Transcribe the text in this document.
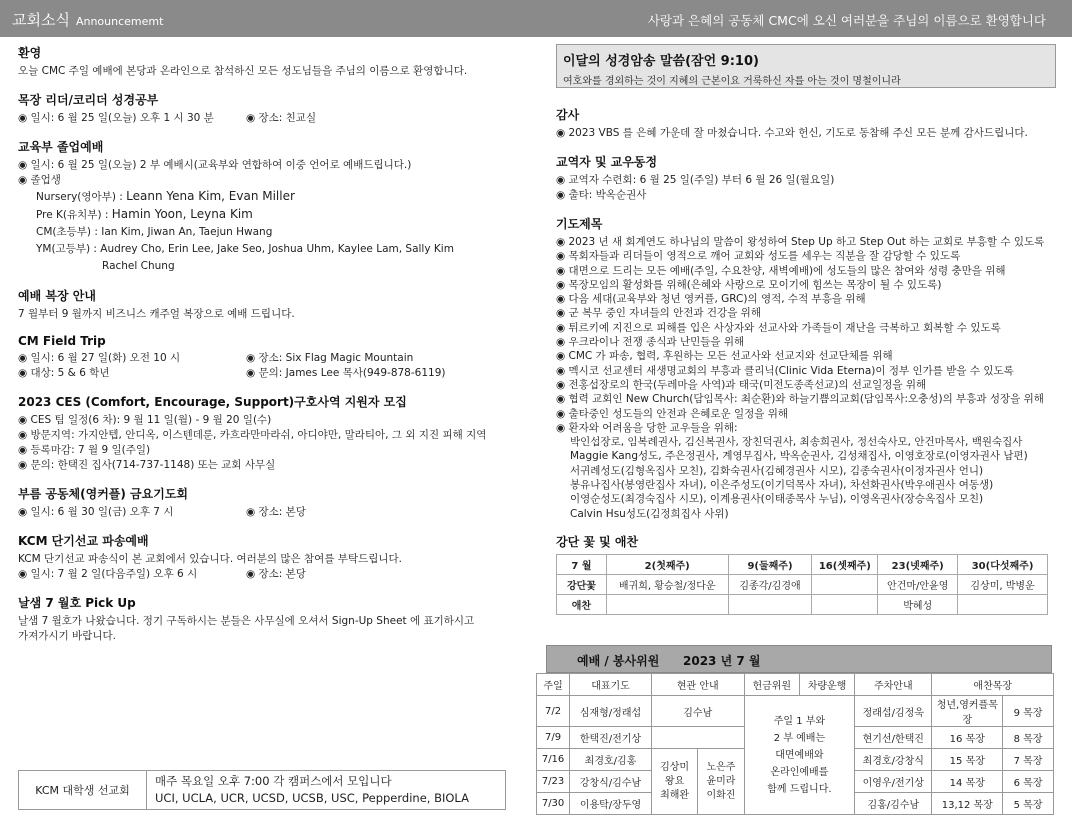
교회소식 Announcememt	사랑과 은혜의 공동체 CMC에 오신 여러분을 주님의 이름으로 환영합니다
환영
오늘 CMC 주일 예배에 본당과 온라인으로 참석하신 모든 성도님들을 주님의 이름으로 환영합니다.
목장 리더/코리더 성경공부
◉ 일시: 6 월 25 일(오늘) 오후 1 시 30 분	◉ 장소: 친교실
교육부 졸업예배
◉ 일시: 6 월 25 일(오늘) 2 부 예배시(교육부와 연합하여 이중 언어로 예배드립니다.)
◉ 졸업생
Nursery(영아부) : Leann Yena Kim, Evan Miller
Pre K(유치부) : Hamin Yoon, Leyna Kim
CM(초등부) : Ian Kim, Jiwan An, Taejun Hwang
YM(고등부) : Audrey Cho, Erin Lee, Jake Seo, Joshua Uhm, Kaylee Lam, Sally Kim
Rachel Chung
예배 복장 안내
7 월부터 9 월까지 비즈니스 캐주얼 복장으로 예배 드립니다.
CM Field Trip
◉ 일시: 6 월 27 일(화) 오전 10 시	◉ 장소: Six Flag Magic Mountain
◉ 대상: 5 & 6 학년	◉ 문의: James Lee 목사(949-878-6119)
2023 CES (Comfort, Encourage, Support)구호사역 지원자 모집
◉ CES 팀 일정(6 차): 9 월 11 일(월) - 9 월 20 일(수)
◉ 방문지역: 가지안텝, 안디옥, 이스텐데룬, 카흐라만마라쉬, 아디야만, 말라티아, 그 외 지진 피해 지역
◉ 등록마감: 7 월 9 일(주일)
◉ 문의: 한택진 집사(714-737-1148) 또는 교회 사무실
부름 공동체(영커플) 금요기도회
◉ 일시: 6 월 30 일(금) 오후 7 시	◉ 장소: 본당
KCM 단기선교 파송예배
KCM 단기선교 파송식이 본 교회에서 있습니다. 여러분의 많은 참여를 부탁드립니다.
◉ 일시: 7 월 2 일(다음주일) 오후 6 시	◉ 장소: 본당
날샘 7 월호 Pick Up
날샘 7 월호가 나왔습니다. 정기 구독하시는 분들은 사무실에 오셔서 Sign-Up Sheet 에 표기하시고
가져가시기 바랍니다.
KCM 대학생 선교회
매주 목요일 오후 7:00 각 캠퍼스에서 모입니다
UCI, UCLA, UCR, UCSD, UCSB, USC, Pepperdine, BIOLA
이달의 성경암송 말씀(잠언 9:10)
여호와를 경외하는 것이 지혜의 근본이요 거룩하신 자를 아는 것이 명철이니라
감사
◉ 2023 VBS 를 은혜 가운데 잘 마쳤습니다. 수고와 헌신, 기도로 동참해 주신 모든 분께 감사드립니다.
교역자 및 교우동정
◉ 교역자 수련회: 6 월 25 일(주일) 부터 6 월 26 일(월요일)
◉ 출타: 박옥순권사
기도제목
◉ 2023 년 새 회계연도 하나님의 말씀이 왕성하여 Step Up 하고 Step Out 하는 교회로 부흥할 수 있도록
◉ 목회자들과 리더들이 영적으로 깨어 교회와 성도를 세우는 직분을 잘 감당할 수 있도록
◉ 대면으로 드리는 모든 예배(주일, 수요찬양, 새벽예배)에 성도들의 많은 참여와 성령 충만을 위해
◉ 목장모임의 활성화를 위해(은혜와 사랑으로 모이기에 힘쓰는 목장이 될 수 있도록)
◉ 다음 세대(교육부와 청년 영커플, GRC)의 영적, 수적 부흥을 위해
◉ 군 복무 중인 자녀들의 안전과 건강을 위해
◉ 튀르키예 지진으로 피해를 입은 사상자와 선교사와 가족들이 재난을 극복하고 회복할 수 있도록
◉ 우크라이나 전쟁 종식과 난민들을 위해
◉ CMC 가 파송, 협력, 후원하는 모든 선교사와 선교지와 선교단체를 위해
◉ 멕시코 선교센터 새생명교회의 부흥과 클리닉(Clinic Vida Eterna)이 정부 인가를 받을 수 있도록
◉ 전홍섭장로의 한국(두레마을 사역)과 태국(미전도종족선교)의 선교일정을 위해
◉ 협력 교회인 New Church(담임목사: 최순환)와 하늘기쁨의교회(담임목사:오충성)의 부흥과 성장을 위해
◉ 출타중인 성도들의 안전과 은혜로운 일정을 위해
◉ 환자와 어려움을 당한 교우들을 위해:
박인섭장로, 임복례권사, 김신복권사, 장친덕권사, 최송희권사, 정선숙사모, 안건마목사, 백원숙집사
Maggie Kang성도, 주은정권사, 계영무집사, 박옥순권사, 김성채집사, 이영호장로(이영자권사 남편)
서귀례성도(김형옥집사 모친), 김화숙권사(김혜경권사 시모), 김종숙권사(이정자권사 언니)
봉유나집사(봉영란집사 자녀), 이은주성도(이기덕목사 자녀), 차선화권사(박우애권사 여동생)
이영순성도(최경숙집사 시모), 이계용권사(이태종목사 누님), 이영옥권사(장승옥집사 모친)
Calvin Hsu성도(김정희집사 사위)
강단 꽃 및 애찬
7 월	2(첫째주)	9(둘째주)	16(셋째주)	23(넷째주)	30(다섯째주)
강단꽃	배귀희, 황승철/정다운	김종각/김경애		안건마/안윤영	김상미, 박병운
애찬				박혜성	
예배 / 봉사위원 2023 년 7 월
주일	대표기도	현관 안내		헌금위원	차량운행	주차안내	애찬목장	
7/2	심재형/정래섭	김수남		주일 1 부와
2 부 예배는
대면예배와
온라인예배를
함께 드립니다.		정래섭/김정욱	청년,영커플목장	9 목장
7/9	한택진/전기상					현기선/한택진	16 목장	8 목장
7/16	최경호/김홍	김상미
왕요
최해완	노은주
윤미라
이화진			최경호/강창식	15 목장	7 목장
7/23	강창식/김수남					이영우/전기상	14 목장	6 목장
7/30	이용탁/장두영					김홍/김수남	13,12 목장	5 목장
